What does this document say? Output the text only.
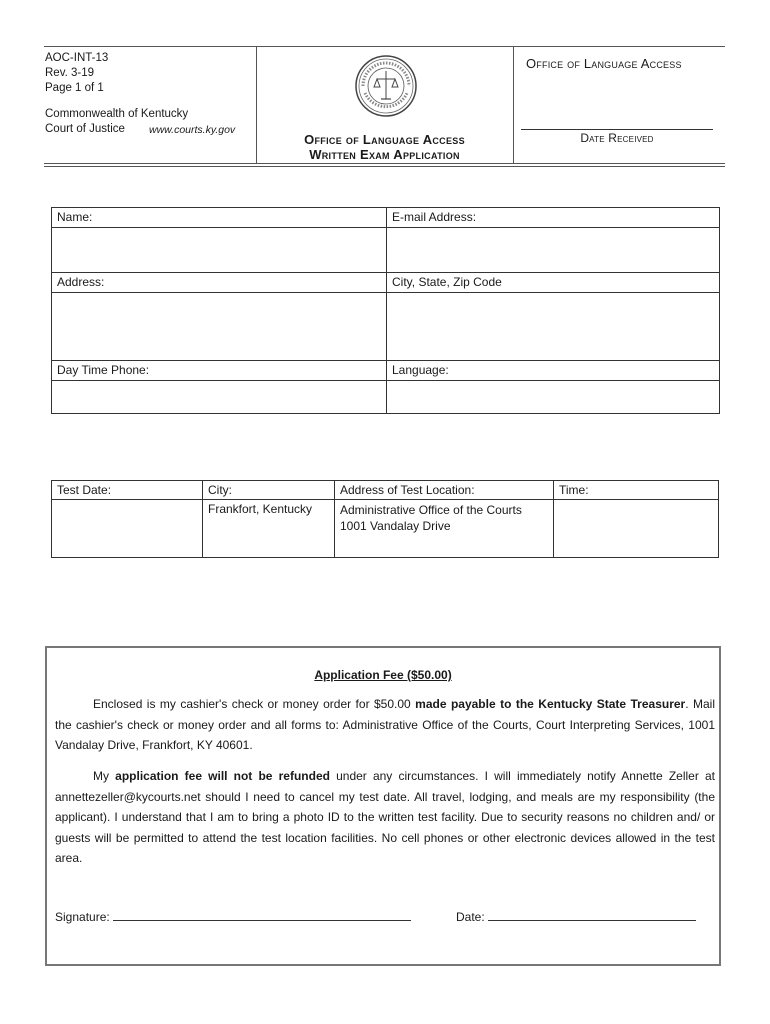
AOC-INT-13
Rev. 3-19
Page 1 of 1
Commonwealth of Kentucky
Court of Justice www.courts.ky.gov
Office of Language Access
Written Exam Application
Office of Language Access
Date Received
Name:	E-mail Address:

Address:	City, State, Zip Code

Day Time Phone:	Language:

Test Date:	City:	Address of Test Location:	Time:
	Frankfort, Kentucky	Administrative Office of the Courts
1001 Vandalay Drive	

Application Fee ($50.00)
Enclosed is my cashier's check or money order for $50.00 made payable to the Kentucky State Treasurer. Mail the cashier's check or money order and all forms to: Administrative Office of the Courts, Court Interpreting Services, 1001 Vandalay Drive, Frankfort, KY 40601.
My application fee will not be refunded under any circumstances. I will immediately notify Annette Zeller at annettezeller@kycourts.net should I need to cancel my test date. All travel, lodging, and meals are my responsibility (the applicant). I understand that I am to bring a photo ID to the written test facility. Due to security reasons no children and/ or guests will be permitted to attend the test location facilities. No cell phones or other electronic devices allowed in the test area.
Signature:	Date:
